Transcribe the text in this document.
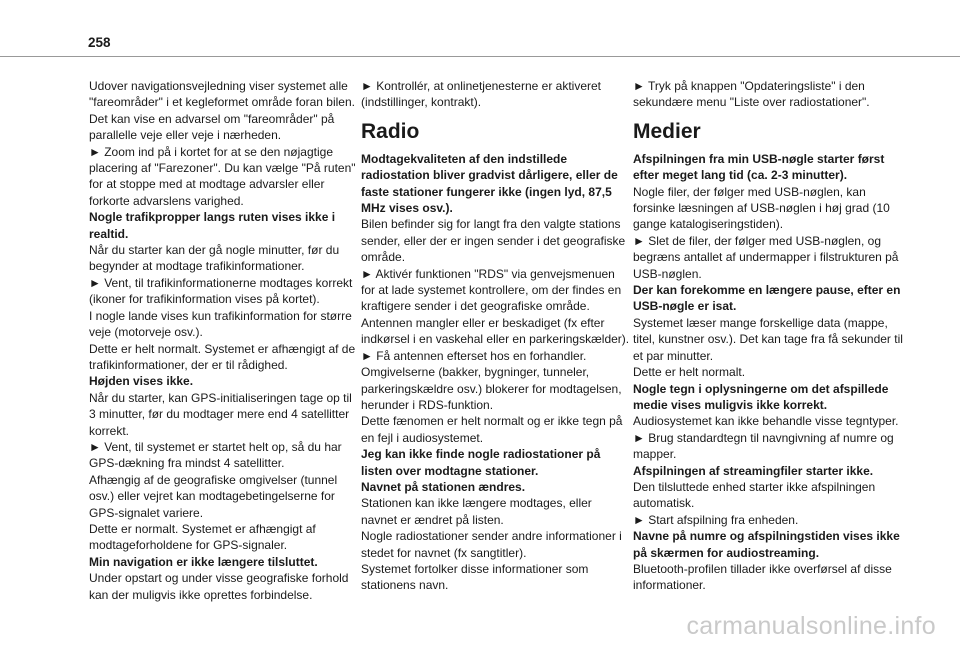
258

Udover navigationsvejledning viser systemet alle "fareområder" i et kegleformet område foran bilen. Det kan vise en advarsel om "fareområder" på parallelle veje eller veje i nærheden.

► Zoom ind på i kortet for at se den nøjagtige placering af "Farezoner". Du kan vælge "På ruten" for at stoppe med at modtage advarsler eller forkorte advarslens varighed.

Nogle trafikpropper langs ruten vises ikke i realtid.

Når du starter kan der gå nogle minutter, før du begynder at modtage trafikinformationer.

► Vent, til trafikinformationerne modtages korrekt (ikoner for trafikinformation vises på kortet).

I nogle lande vises kun trafikinformation for større veje (motorveje osv.).

Dette er helt normalt. Systemet er afhængigt af de trafikinformationer, der er til rådighed.

Højden vises ikke.

Når du starter, kan GPS-initialiseringen tage op til 3 minutter, før du modtager mere end 4 satellitter korrekt.

► Vent, til systemet er startet helt op, så du har GPS-dækning fra mindst 4 satellitter.

Afhængig af de geografiske omgivelser (tunnel osv.) eller vejret kan modtagebetingelserne for GPS-signalet variere.

Dette er normalt. Systemet er afhængigt af modtageforholdene for GPS-signaler.

Min navigation er ikke længere tilsluttet.

Under opstart og under visse geografiske forhold kan der muligvis ikke oprettes forbindelse.

► Kontrollér, at onlinetjenesterne er aktiveret (indstillinger, kontrakt).

Radio

Modtagekvaliteten af den indstillede radiostation bliver gradvist dårligere, eller de faste stationer fungerer ikke (ingen lyd, 87,5 MHz vises osv.).

Bilen befinder sig for langt fra den valgte stations sender, eller der er ingen sender i det geografiske område.

► Aktivér funktionen "RDS" via genvejsmenuen for at lade systemet kontrollere, om der findes en kraftigere sender i det geografiske område.

Antennen mangler eller er beskadiget (fx efter indkørsel i en vaskehal eller en parkeringskælder).

► Få antennen efterset hos en forhandler.

Omgivelserne (bakker, bygninger, tunneler, parkeringskældre osv.) blokerer for modtagelsen, herunder i RDS-funktion.

Dette fænomen er helt normalt og er ikke tegn på en fejl i audiosystemet.

Jeg kan ikke finde nogle radiostationer på listen over modtagne stationer.

Navnet på stationen ændres.

Stationen kan ikke længere modtages, eller navnet er ændret på listen.

Nogle radiostationer sender andre informationer i stedet for navnet (fx sangtitler).

Systemet fortolker disse informationer som stationens navn.

► Tryk på knappen "Opdateringsliste" i den sekundære menu "Liste over radiostationer".

Medier

Afspilningen fra min USB-nøgle starter først efter meget lang tid (ca. 2-3 minutter).

Nogle filer, der følger med USB-nøglen, kan forsinke læsningen af USB-nøglen i høj grad (10 gange katalogiseringstiden).

► Slet de filer, der følger med USB-nøglen, og begræns antallet af undermapper i filstrukturen på USB-nøglen.

Der kan forekomme en længere pause, efter en USB-nøgle er isat.

Systemet læser mange forskellige data (mappe, titel, kunstner osv.). Det kan tage fra få sekunder til et par minutter.

Dette er helt normalt.

Nogle tegn i oplysningerne om det afspillede medie vises muligvis ikke korrekt.

Audiosystemet kan ikke behandle visse tegntyper.

► Brug standardtegn til navngivning af numre og mapper.

Afspilningen af streamingfiler starter ikke.

Den tilsluttede enhed starter ikke afspilningen automatisk.

► Start afspilning fra enheden.

Navne på numre og afspilningstiden vises ikke på skærmen for audiostreaming.

Bluetooth-profilen tillader ikke overførsel af disse informationer.

carmanualsonline.info
